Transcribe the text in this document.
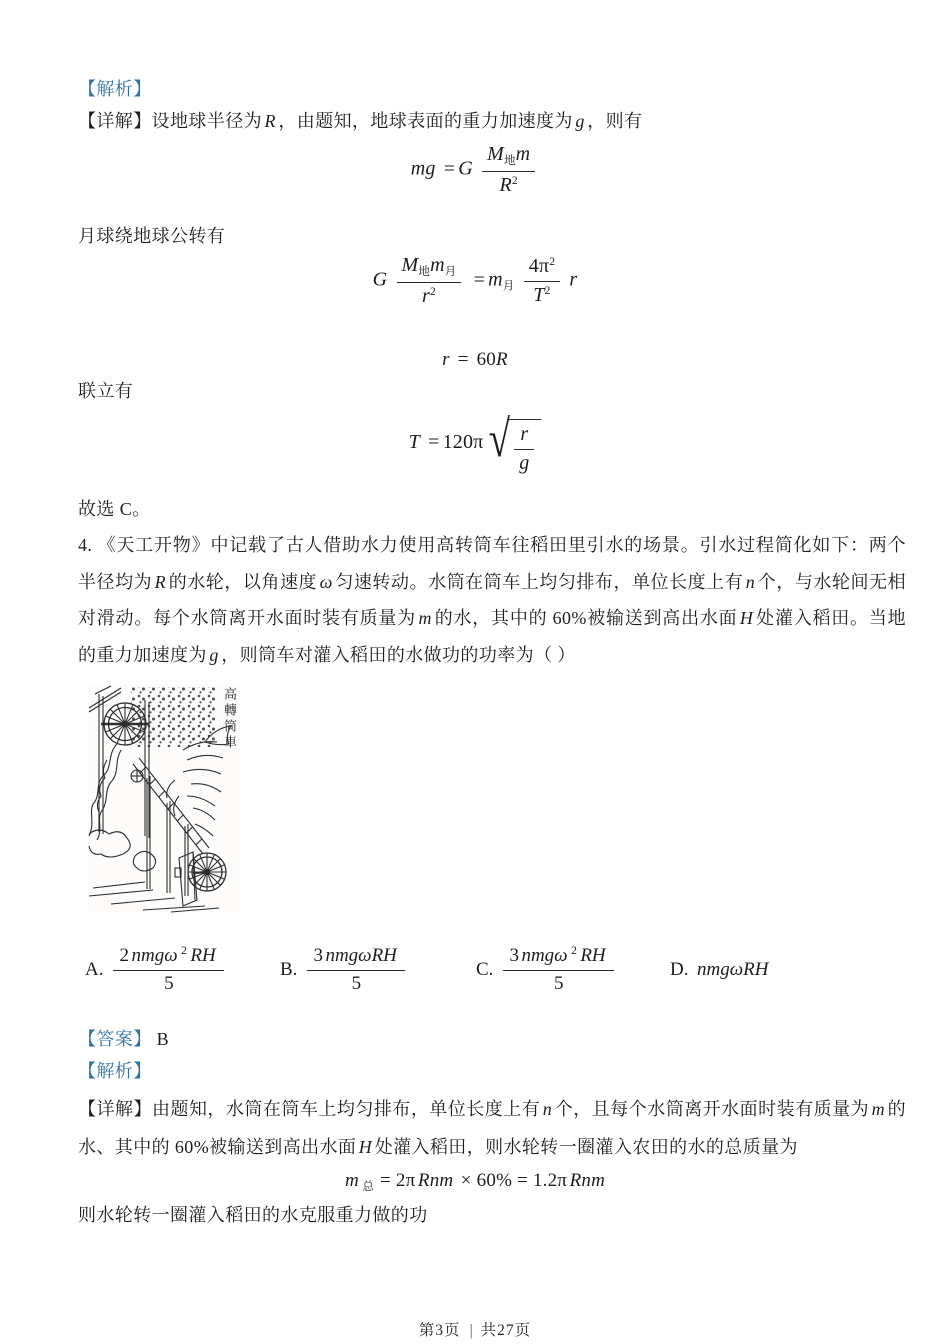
【解析】
【详解】设地球半径为 R ，由题知，地球表面的重力加速度为 g ，则有
mg = G $\frac{M_地m}{R^2}$
月球绕地球公转有
G $\frac{M_地m_月}{r^2} = m_月 \frac{4\pi^2}{T^2}$ r
r = 60R
联立有
T = 120π √ $\frac{r}{g}$
故选 C。
4. 《天工开物》中记载了古人借助水力使用高转筒车往稻田里引水的场景。引水过程简化如下：两个半径均为 R 的水轮，以角速度 ω 匀速转动。水筒在筒车上均匀排布，单位长度上有 n 个，与水轮间无相对滑动。每个水筒离开水面时装有质量为 m 的水，其中的 60%被输送到高出水面 H 处灌入稻田。当地的重力加速度为 g ，则筒车对灌入稻田的水做功的功率为（ ）
高轉筒車
A. $\frac{2 nmg\omega ^2 RH}{5}$	B. $\frac{\text{3 nmgωRH}}{5}$	C. $\frac{3 nmg\omega ^2 RH}{5}$	D. nmgωRH
【答案】 B
【解析】
【详解】由题知，水筒在筒车上均匀排布，单位长度上有 n 个，且每个水筒离开水面时装有质量为 m 的水、其中的 60%被输送到高出水面 H 处灌入稻田，则水轮转一圈灌入农田的水的总质量为
m $_总$ = 2π Rnm × 60% = 1.2π Rnm
则水轮转一圈灌入稻田的水克服重力做的功
第3页 | 共27页
